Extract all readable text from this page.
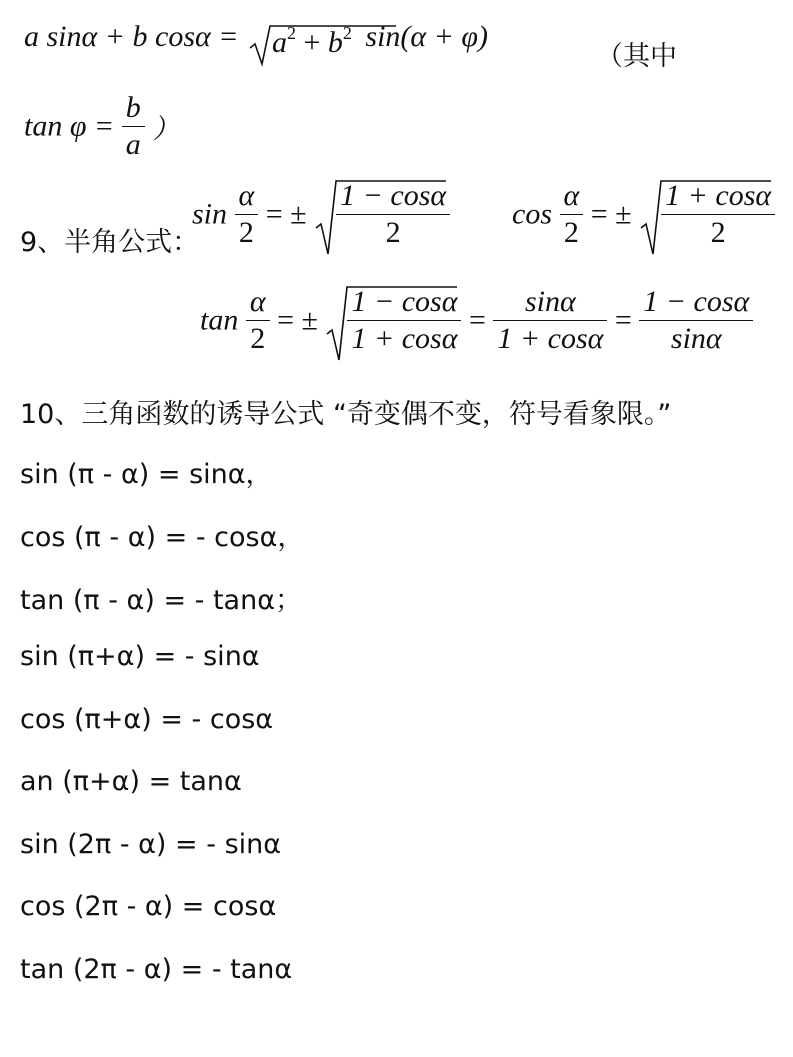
a sinα + b $\cos\alpha = a^2 + b^2$ sin(α + φ)
（其中
$\tan \varphi = \frac{b}{a}$ ）
9、半角公式：
$\sin \frac{\alpha}{2}$ = ± $\frac{1 - \cos\alpha}{2}$ $\cos \frac{\alpha}{2}$ = ± $\frac{1 + \cos\alpha}{2}$
$\tan \frac{\alpha}{2}$ = ± $\frac{1 - \cos\alpha}{1 + \cos\alpha} = \frac{\sin\alpha}{1 + \cos\alpha} = \frac{1 - \cos\alpha}{\sin\alpha}$
10、三角函数的诱导公式 “奇变偶不变，符号看象限。”
sin (π - α) = sinα，
cos (π - α) = - cosα，
tan (π - α) = - tanα；
sin (π+α) = - sinα
cos (π+α) = - cosα
an (π+α) = tanα
sin (2π - α) = - sinα
cos (2π - α) = cosα
tan (2π - α) = - tanα
